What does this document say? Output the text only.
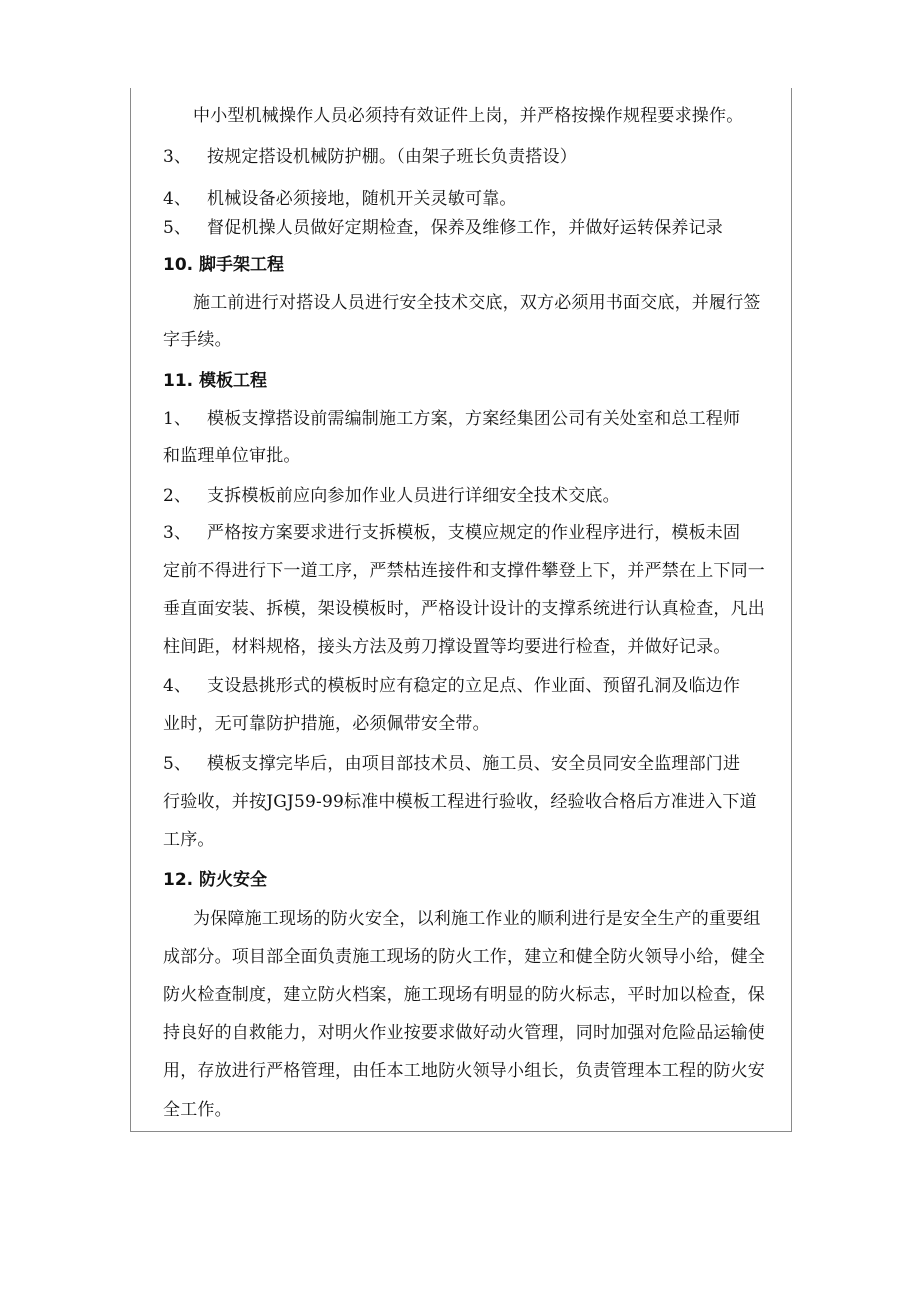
中小型机械操作人员必须持有效证件上岗，并严格按操作规程要求操作。
3、 按规定搭设机械防护棚。（由架子班长负责搭设）
4、 机械设备必须接地，随机开关灵敏可靠。
5、 督促机操人员做好定期检查，保养及维修工作，并做好运转保养记录
10. 脚手架工程
施工前进行对搭设人员进行安全技术交底，双方必须用书面交底，并履行签
字手续。
11. 模板工程
1、 模板支撑搭设前需编制施工方案，方案经集团公司有关处室和总工程师
和监理单位审批。
2、 支拆模板前应向参加作业人员进行详细安全技术交底。
3、 严格按方案要求进行支拆模板，支模应规定的作业程序进行，模板未固
定前不得进行下一道工序，严禁枯连接件和支撑件攀登上下，并严禁在上下同一
垂直面安装、拆模，架设模板时，严格设计设计的支撑系统进行认真检查，凡出
柱间距，材料规格，接头方法及剪刀撑设置等均要进行检查，并做好记录。
4、 支设悬挑形式的模板时应有稳定的立足点、作业面、预留孔洞及临边作
业时，无可靠防护措施，必须佩带安全带。
5、 模板支撑完毕后，由项目部技术员、施工员、安全员同安全监理部门进
行验收，并按JGJ59-99标准中模板工程进行验收，经验收合格后方准进入下道
工序。
12. 防火安全
为保障施工现场的防火安全，以利施工作业的顺利进行是安全生产的重要组
成部分。项目部全面负责施工现场的防火工作，建立和健全防火领导小给，健全
防火检查制度，建立防火档案，施工现场有明显的防火标志，平时加以检查，保
持良好的自救能力，对明火作业按要求做好动火管理，同时加强对危险品运输使
用，存放进行严格管理，由任本工地防火领导小组长，负责管理本工程的防火安
全工作。
